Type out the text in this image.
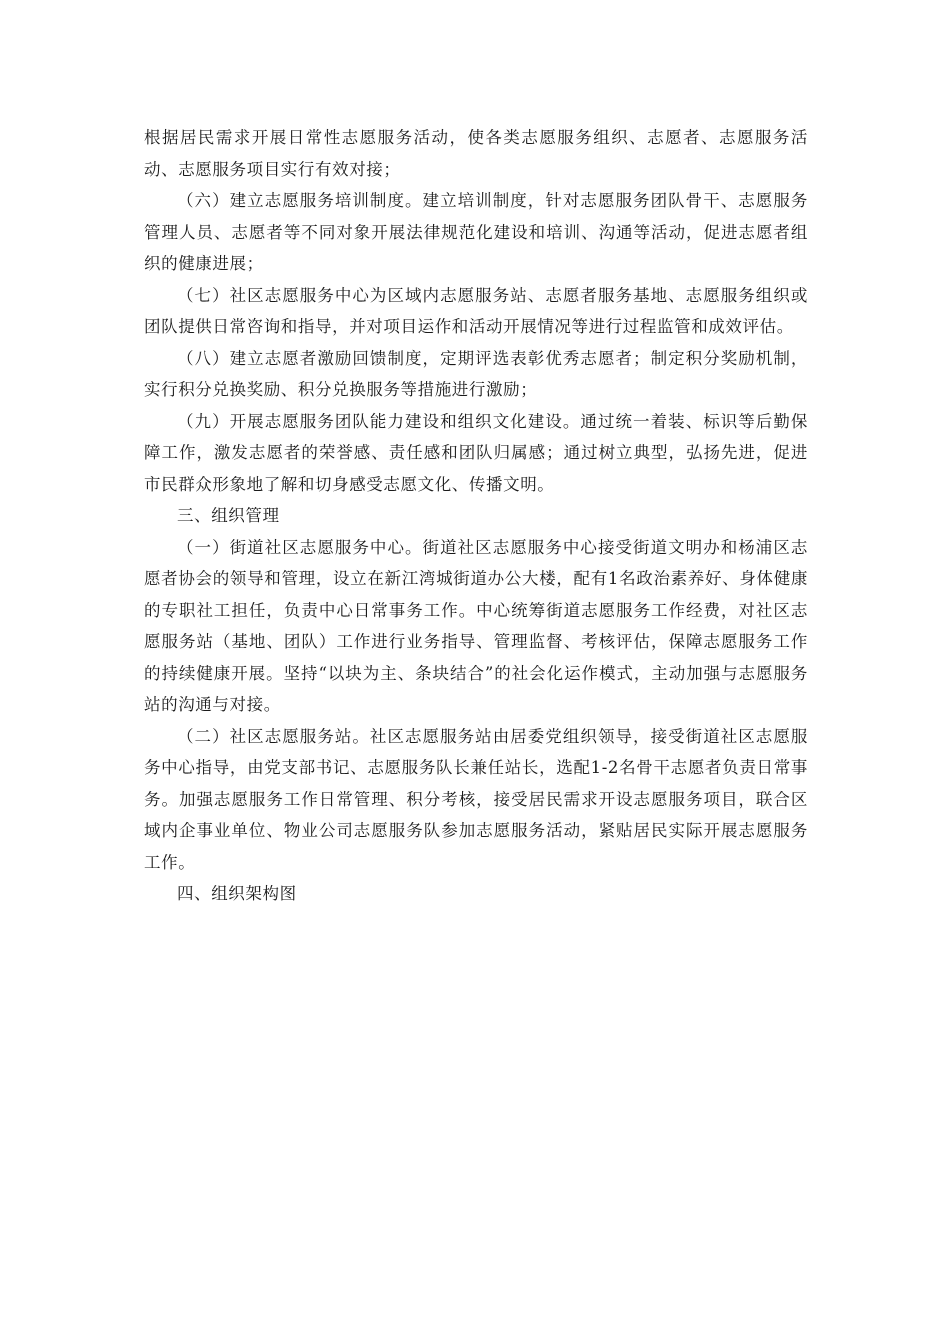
根据居民需求开展日常性志愿服务活动，使各类志愿服务组织、志愿者、志愿服务活动、志愿服务项目实行有效对接；

（六）建立志愿服务培训制度。建立培训制度，针对志愿服务团队骨干、志愿服务管理人员、志愿者等不同对象开展法律规范化建设和培训、沟通等活动，促进志愿者组织的健康进展；

（七）社区志愿服务中心为区域内志愿服务站、志愿者服务基地、志愿服务组织或团队提供日常咨询和指导，并对项目运作和活动开展情况等进行过程监管和成效评估。

（八）建立志愿者激励回馈制度，定期评选表彰优秀志愿者；制定积分奖励机制，实行积分兑换奖励、积分兑换服务等措施进行激励；

（九）开展志愿服务团队能力建设和组织文化建设。通过统一着装、标识等后勤保障工作，激发志愿者的荣誉感、责任感和团队归属感；通过树立典型，弘扬先进，促进市民群众形象地了解和切身感受志愿文化、传播文明。

三、组织管理

（一）街道社区志愿服务中心。街道社区志愿服务中心接受街道文明办和杨浦区志愿者协会的领导和管理，设立在新江湾城街道办公大楼，配有1名政治素养好、身体健康的专职社工担任，负责中心日常事务工作。中心统筹街道志愿服务工作经费，对社区志愿服务站（基地、团队）工作进行业务指导、管理监督、考核评估，保障志愿服务工作的持续健康开展。坚持“以块为主、条块结合”的社会化运作模式，主动加强与志愿服务站的沟通与对接。

（二）社区志愿服务站。社区志愿服务站由居委党组织领导，接受街道社区志愿服务中心指导，由党支部书记、志愿服务队长兼任站长，选配1-2名骨干志愿者负责日常事务。加强志愿服务工作日常管理、积分考核，接受居民需求开设志愿服务项目，联合区域内企事业单位、物业公司志愿服务队参加志愿服务活动，紧贴居民实际开展志愿服务工作。

四、组织架构图
